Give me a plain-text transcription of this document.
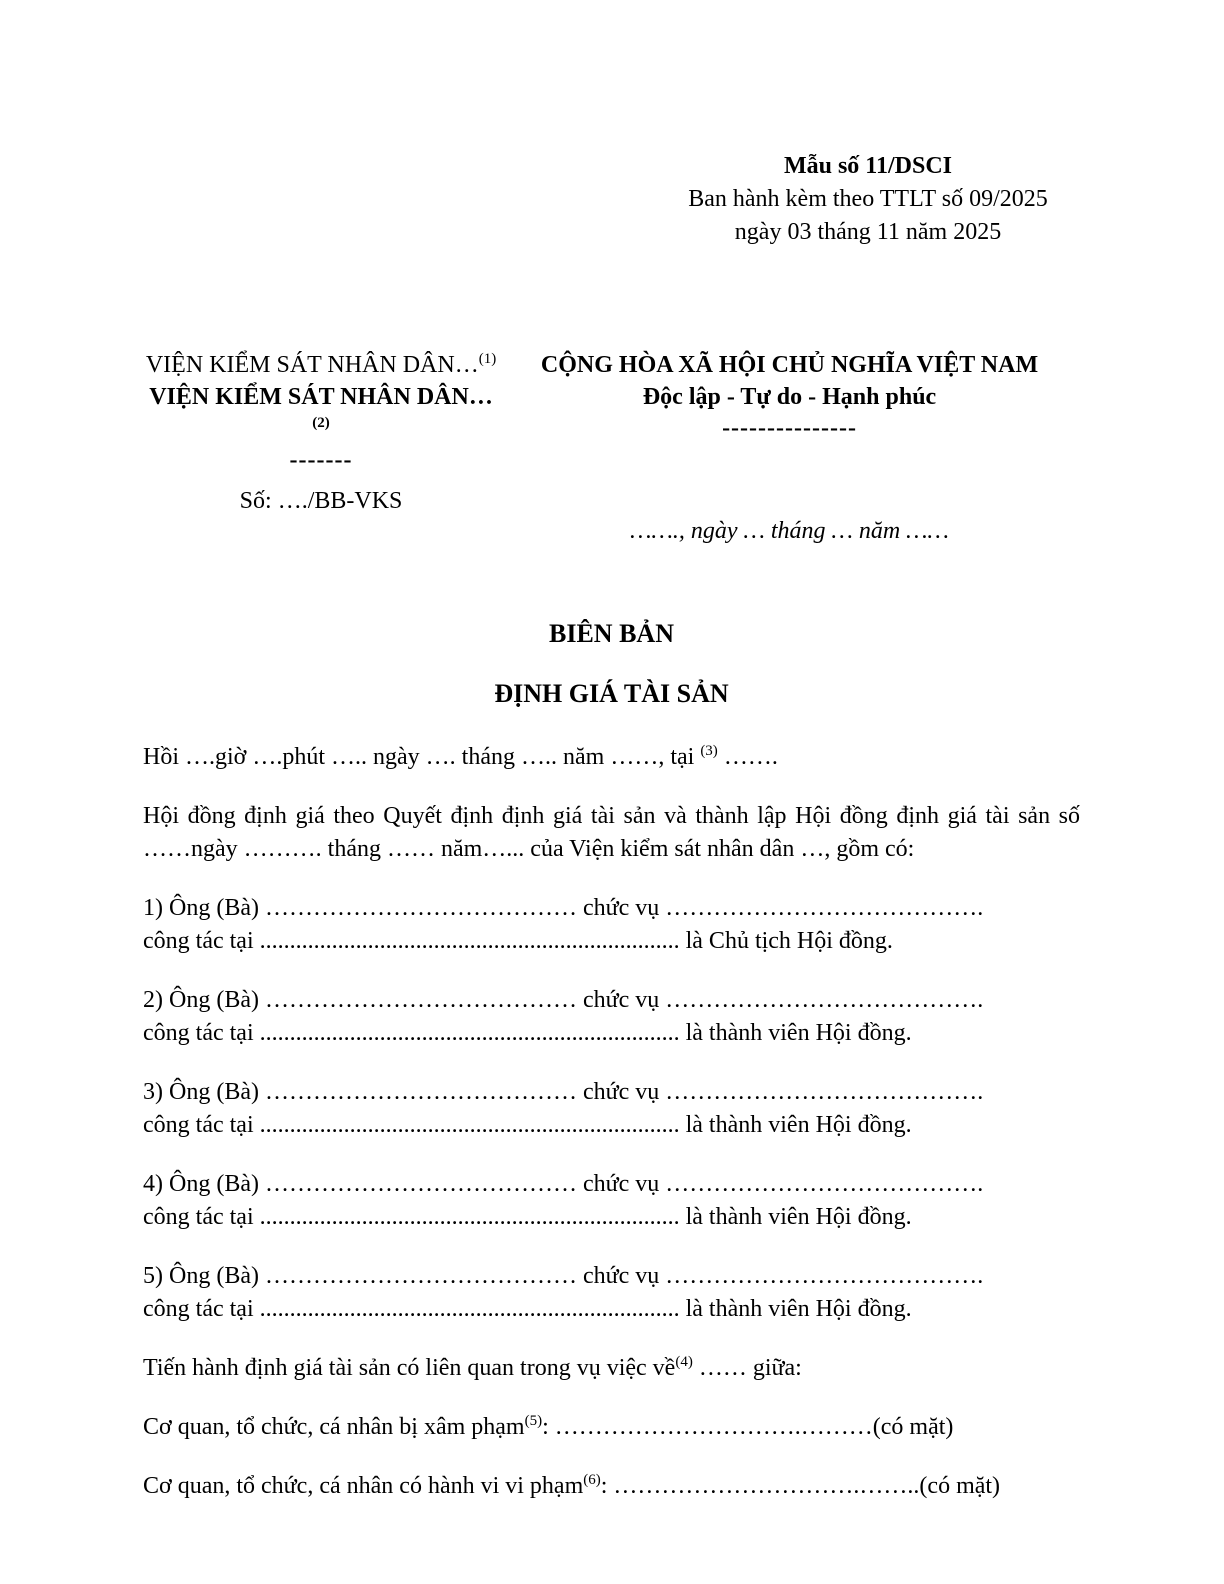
Mẫu số 11/DSCI
Ban hành kèm theo TTLT số 09/2025
ngày 03 tháng 11 năm 2025
VIỆN KIỂM SÁT NHÂN DÂN…$^{(1)}$
VIỆN KIỂM SÁT NHÂN DÂN…$^{(2)}$
-------
Số: …./BB-VKS
CỘNG HÒA XÃ HỘI CHỦ NGHĨA VIỆT NAM
Độc lập - Tự do - Hạnh phúc
---------------
……., ngày … tháng … năm ……
BIÊN BẢN
ĐỊNH GIÁ TÀI SẢN
Hồi ….giờ ….phút ….. ngày …. tháng ….. năm ……, tại $^{(3)}$ …….
Hội đồng định giá theo Quyết định định giá tài sản và thành lập Hội đồng định giá tài sản số ……ngày ………. tháng …… năm…... của Viện kiểm sát nhân dân …, gồm có:
1) Ông (Bà) ………………………………… chức vụ ………………………………….
công tác tại ...................................................................... là Chủ tịch Hội đồng.
2) Ông (Bà) ………………………………… chức vụ ………………………………….
công tác tại ...................................................................... là thành viên Hội đồng.
3) Ông (Bà) ………………………………… chức vụ ………………………………….
công tác tại ...................................................................... là thành viên Hội đồng.
4) Ông (Bà) ………………………………… chức vụ ………………………………….
công tác tại ...................................................................... là thành viên Hội đồng.
5) Ông (Bà) ………………………………… chức vụ ………………………………….
công tác tại ...................................................................... là thành viên Hội đồng.
Tiến hành định giá tài sản có liên quan trong vụ việc về$^{(4)}$ …… giữa:
Cơ quan, tổ chức, cá nhân bị xâm phạm$^{(5)}$: ………………………….………(có mặt)
Cơ quan, tổ chức, cá nhân có hành vi vi phạm$^{(6)}$: ………………………….……..(có mặt)
